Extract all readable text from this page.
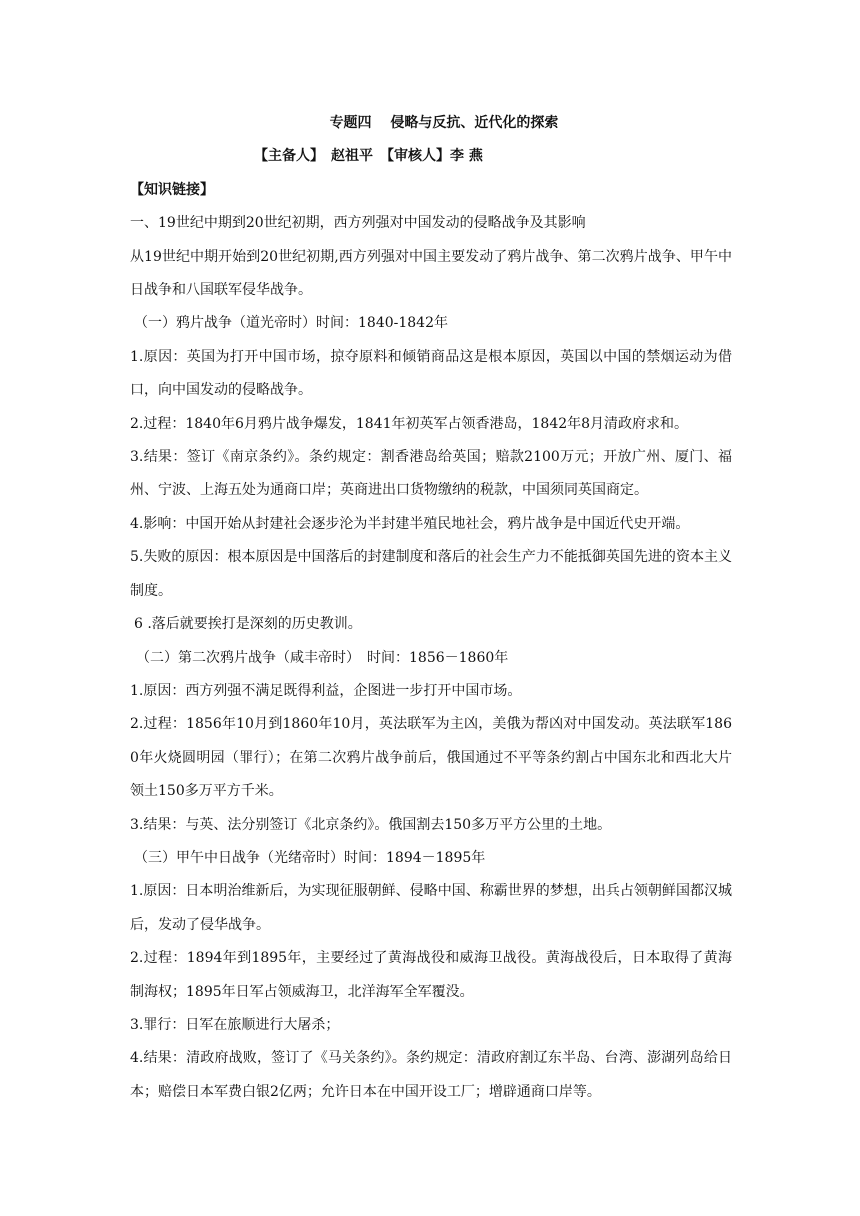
专题四　 侵略与反抗、近代化的探索
【主备人】　赵祖平　【审核人】李 燕
【知识链接】
一、19世纪中期到20世纪初期，西方列强对中国发动的侵略战争及其影响
从19世纪中期开始到20世纪初期,西方列强对中国主要发动了鸦片战争、第二次鸦片战争、甲午中日战争和八国联军侵华战争。
（一）鸦片战争（道光帝时）时间：1840-1842年
1.原因：英国为打开中国市场，掠夺原料和倾销商品这是根本原因，英国以中国的禁烟运动为借口，向中国发动的侵略战争。
2.过程：1840年6月鸦片战争爆发，1841年初英军占领香港岛，1842年8月清政府求和。
3.结果：签订《南京条约》。条约规定：割香港岛给英国；赔款2100万元；开放广州、厦门、福州、宁波、上海五处为通商口岸；英商进出口货物缴纳的税款，中国须同英国商定。
4.影响：中国开始从封建社会逐步沦为半封建半殖民地社会，鸦片战争是中国近代史开端。
5.失败的原因：根本原因是中国落后的封建制度和落后的社会生产力不能抵御英国先进的资本主义制度。
6 .落后就要挨打是深刻的历史教训。
（二）第二次鸦片战争（咸丰帝时）　时间：1856－1860年
1.原因：西方列强不满足既得利益，企图进一步打开中国市场。
2.过程：1856年10月到1860年10月，英法联军为主凶，美俄为帮凶对中国发动。英法联军1860年火烧圆明园（罪行）；在第二次鸦片战争前后，俄国通过不平等条约割占中国东北和西北大片领土150多万平方千米。
3.结果：与英、法分别签订《北京条约》。俄国割去150多万平方公里的土地。
（三）甲午中日战争（光绪帝时）时间：1894－1895年
1.原因：日本明治维新后，为实现征服朝鲜、侵略中国、称霸世界的梦想，出兵占领朝鲜国都汉城后，发动了侵华战争。
2.过程：1894年到1895年，主要经过了黄海战役和威海卫战役。黄海战役后，日本取得了黄海制海权；1895年日军占领威海卫，北洋海军全军覆没。
3.罪行：日军在旅顺进行大屠杀；
4.结果：清政府战败，签订了《马关条约》。条约规定：清政府割辽东半岛、台湾、澎湖列岛给日本；赔偿日本军费白银2亿两；允许日本在中国开设工厂；增辟通商口岸等。
